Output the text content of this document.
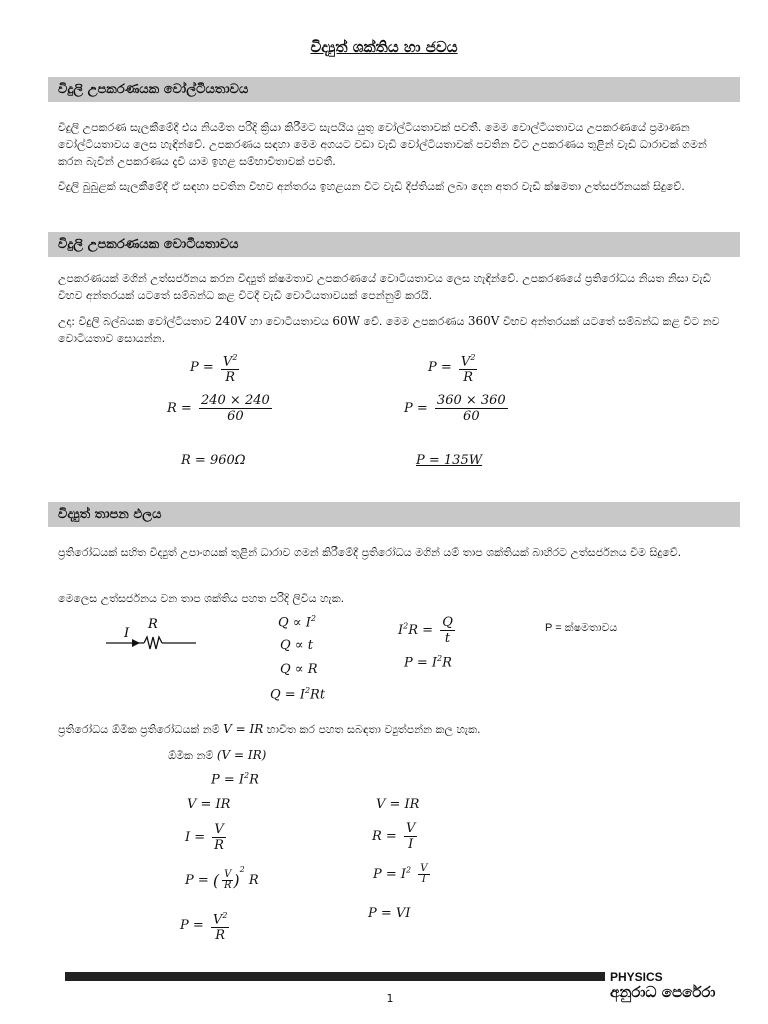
විද්‍යුත් ශක්තිය හා ජවය
විදුලි උපකරණයක වෝල්ටීයතාවය
විදුලි උපකරණ සැලකීමේදී එය නියමිත පරිදි ක්‍රියා කිරීමට සැපයිය යුතු වෝල්ටීයතාවක් පවතී. මෙම වොල්ටීයතාවය උපකරණයේ ප්‍රමාණන වෝල්ටීයතාවය ලෙස හැඳින්වේ. උපකරණය සඳහා මෙම අගයට වඩා වැඩි වෝල්ටීයතාවක් පවතින විට උපකරණය තුළින් වැඩි ධාරාවක් ගමන් කරන බැවින් උපකරණය දැවී යාම ඉහළ සම්භාවිතාවක් පවතී.
විදුලි බුබුළක් සැලකීමේදී ඒ සඳහා පවතින විභව අන්තරය ඉහළයන විට වැඩි දීප්තියක් ලබා දෙන අතර වැඩි ක්ෂමතා උත්සර්ජනයක් සිදුවේ.
විදුලි උපකරණයක වොටීයතාවය
උපකරණයක් මගින් උත්සර්ජනය කරන විද්‍යුත් ක්ෂමතාව උපකරණයේ වොටීයතාවය ලෙස හැඳින්වේ. උපකරණයේ ප්‍රතිරෝධය නියත නිසා වැඩි විභව අන්තරයක් යටතේ සම්බන්ධ කළ විටදී වැඩි වොටීයතාවයක් පෙන්නුම් කරයි.
උදා: විදුලි බල්බයක වෝල්ටීයතාව 240V හා වොටීයතාවය 60W වේ. මෙම උපකරණය 360V විභව අන්තරයක් යටතේ සම්බන්ධ කළ විට නව වොටීයතාව සොයන්න.
$P = \frac{V^2}{R}$
$R = \frac{240 \times 240}{60}$
R = 960Ω
$P = \frac{V^2}{R}$
$P = \frac{360 \times 360}{60}$
P = 135W
විද්‍යුත් තාපන ඵලය
ප්‍රතිරෝධයක් සහිත විද්‍යුත් උපාංගයක් තුළින් ධාරාව ගමන් කිරීමේදී ප්‍රතිරෝධය මගින් යම් තාප ශක්තියක් බාහිරට උත්සර්ජනය වීම සිදුවේ.
මෙලෙස උත්සර්ජනය වන තාප ශක්තිය පහත පරිදි ලිවිය හැක.
I
R	$Q \propto I^2$
Q ∝ t
Q ∝ R
$Q = I^2Rt$
$I^2R = \frac{Q}{t}$
$P = I^2R$
P = ක්ෂමතාවය
ප්‍රතිරෝධය ඕමික ප්‍රතිරෝධයක් නම් V = IR භාවිත කර පහත සබඳතා ව්‍යුත්පන්න කල හැක.
ඕමික නම් (V = IR)
$P = I^2R$
V = IR
$I = \frac{V}{R}$
P = ( $\frac{V}{R} )^2$ R
$P = \frac{V^2}{R}$
V = IR
$R = \frac{V}{I}$
$P = I^2 \frac{V}{I}$
P = VI
PHYSICS
අනුරාධ පෙරේරා
1
